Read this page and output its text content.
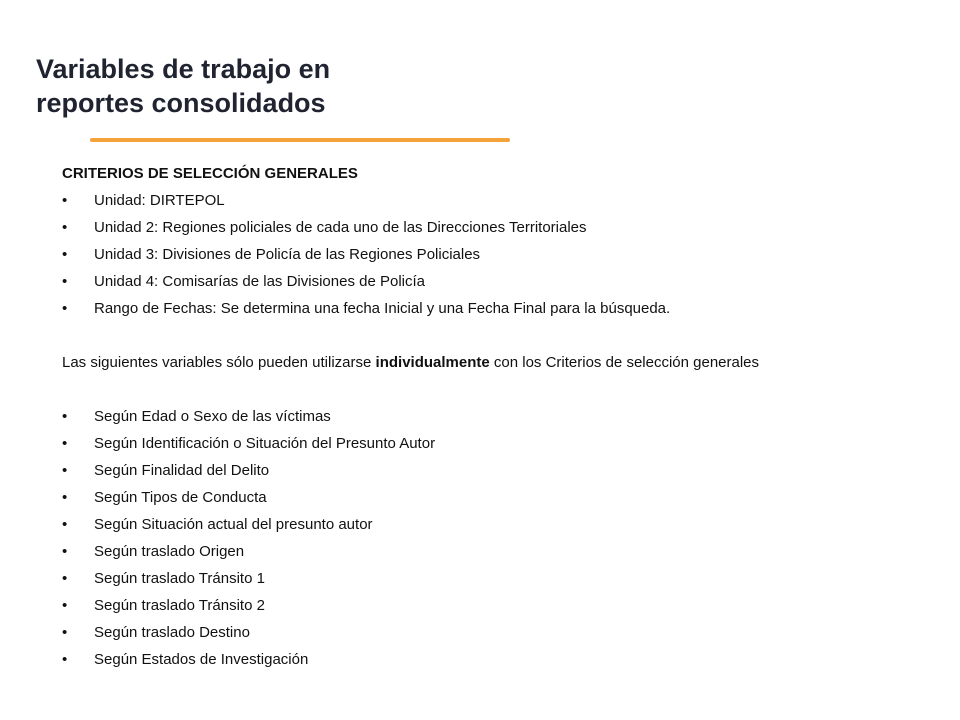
Variables de trabajo en
reportes consolidados

CRITERIOS DE SELECCIÓN GENERALES

•	Unidad: DIRTEPOL
•	Unidad 2: Regiones policiales de cada uno de las Direcciones Territoriales
•	Unidad 3: Divisiones de Policía de las Regiones Policiales
•	Unidad 4: Comisarías de las Divisiones de Policía
•	Rango de Fechas: Se determina una fecha Inicial y una Fecha Final para la búsqueda.

Las siguientes variables sólo pueden utilizarse individualmente con los Criterios de selección generales

•	Según Edad o Sexo de las víctimas
•	Según Identificación o Situación del Presunto Autor
•	Según Finalidad del Delito
•	Según Tipos de Conducta
•	Según Situación actual del presunto autor
•	Según traslado Origen
•	Según traslado Tránsito 1
•	Según traslado Tránsito 2
•	Según traslado Destino
•	Según Estados de Investigación
